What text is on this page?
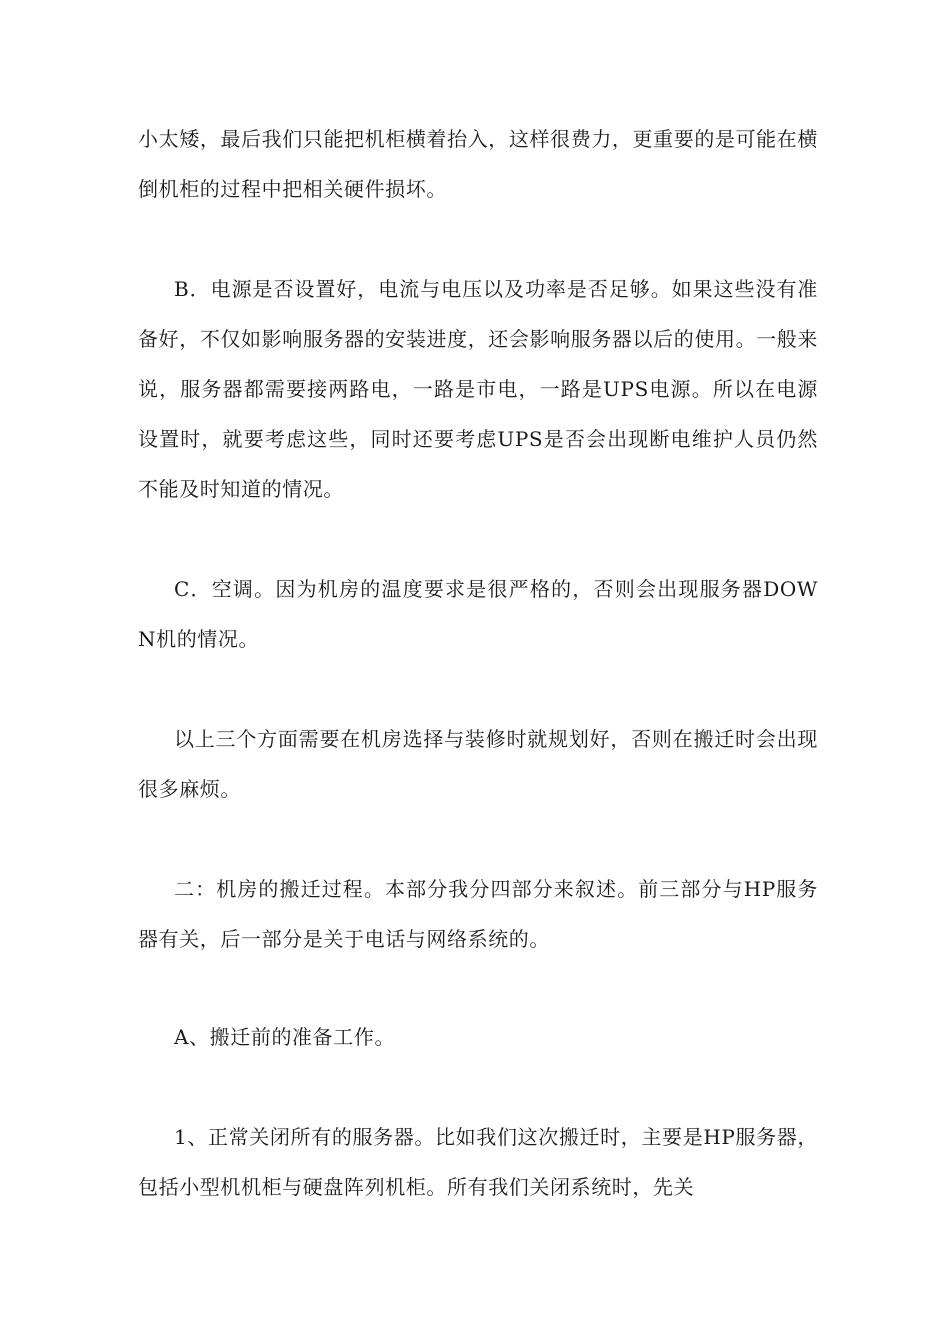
小太矮，最后我们只能把机柜横着抬入，这样很费力，更重要的是可能在横倒机柜的过程中把相关硬件损坏。

B．电源是否设置好，电流与电压以及功率是否足够。如果这些没有准备好，不仅如影响服务器的安装进度，还会影响服务器以后的使用。一般来说，服务器都需要接两路电，一路是市电，一路是UPS电源。所以在电源设置时，就要考虑这些，同时还要考虑UPS是否会出现断电维护人员仍然不能及时知道的情况。

C．空调。因为机房的温度要求是很严格的，否则会出现服务器DOWN机的情况。

以上三个方面需要在机房选择与装修时就规划好，否则在搬迁时会出现很多麻烦。

二：机房的搬迁过程。本部分我分四部分来叙述。前三部分与HP服务器有关，后一部分是关于电话与网络系统的。

A、搬迁前的准备工作。

1、正常关闭所有的服务器。比如我们这次搬迁时，主要是HP服务器，包括小型机机柜与硬盘阵列机柜。所有我们关闭系统时，先关
